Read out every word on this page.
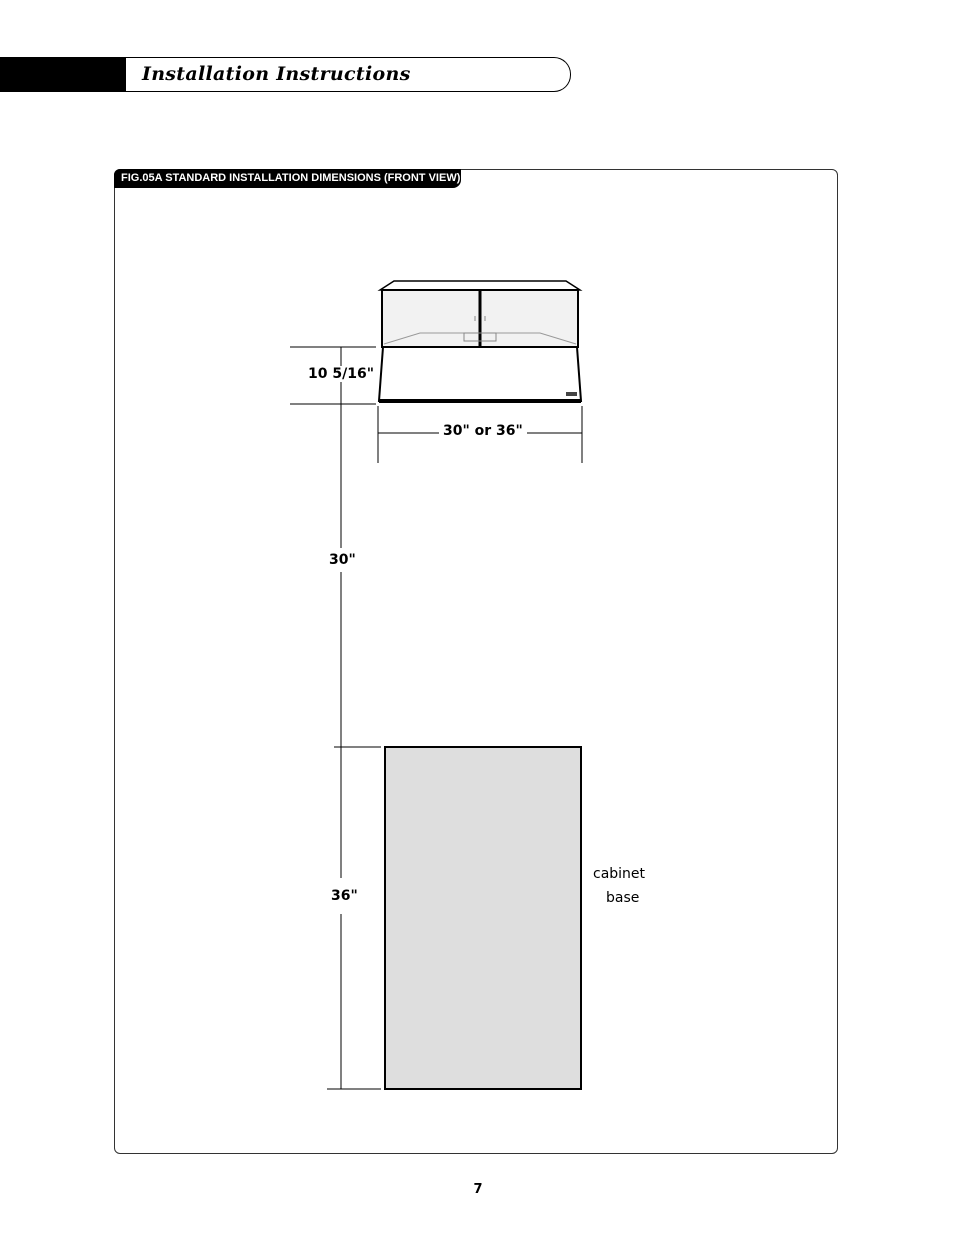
Installation Instructions
FIG.05A STANDARD INSTALLATION DIMENSIONS (FRONT VIEW)
10 5/16"
30" or 36"
30"
36"
cabinet
base
7
